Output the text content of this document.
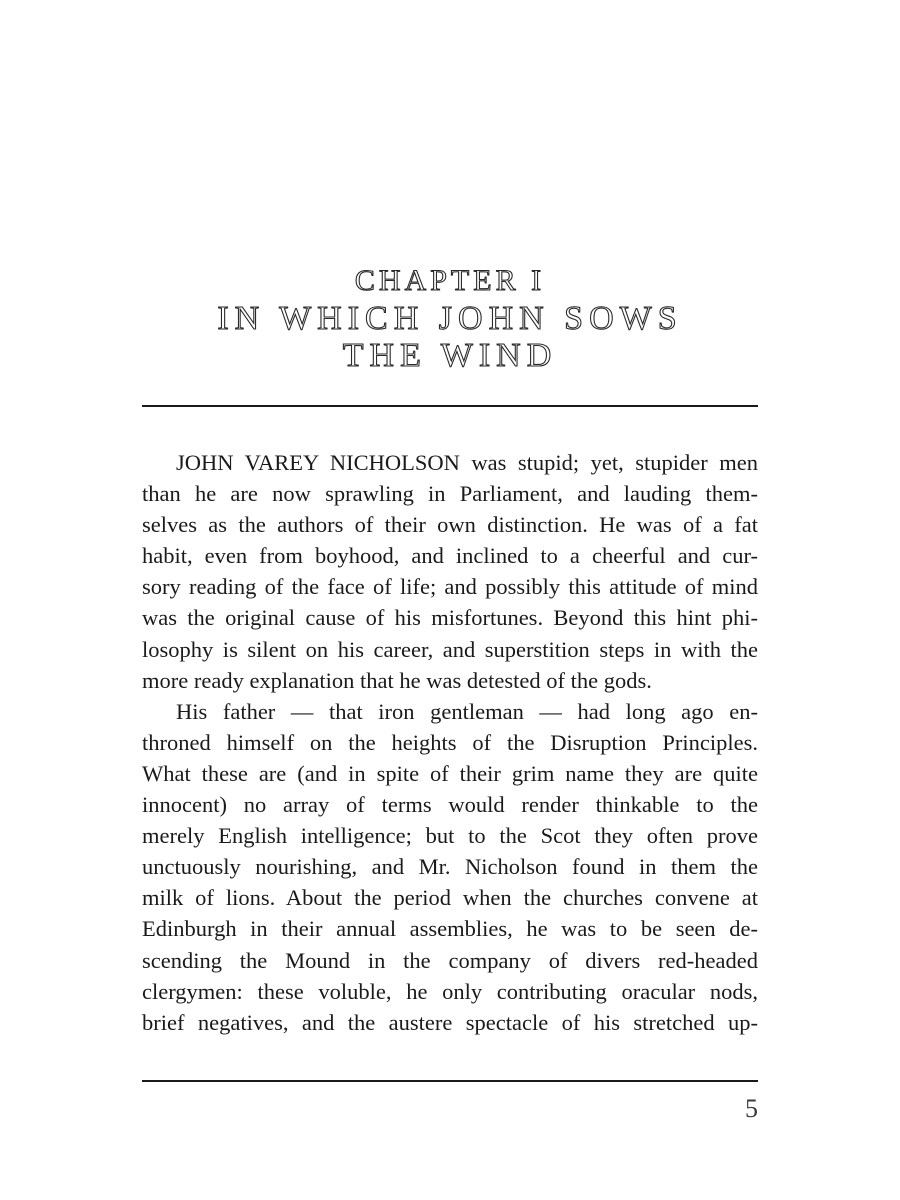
CHAPTER I

IN WHICH JOHN SOWS

THE WIND

JOHN VAREY NICHOLSON was stupid; yet, stupider men
than he are now sprawling in Parliament, and lauding them-
selves as the authors of their own distinction. He was of a fat
habit, even from boyhood, and inclined to a cheerful and cur-
sory reading of the face of life; and possibly this attitude of mind
was the original cause of his misfortunes. Beyond this hint phi-
losophy is silent on his career, and superstition steps in with the
more ready explanation that he was detested of the gods.
His father — that iron gentleman — had long ago en-
throned himself on the heights of the Disruption Principles.
What these are (and in spite of their grim name they are quite
innocent) no array of terms would render thinkable to the
merely English intelligence; but to the Scot they often prove
unctuously nourishing, and Mr. Nicholson found in them the
milk of lions. About the period when the churches convene at
Edinburgh in their annual assemblies, he was to be seen de-
scending the Mound in the company of divers red-headed
clergymen: these voluble, he only contributing oracular nods,
brief negatives, and the austere spectacle of his stretched up-
5
